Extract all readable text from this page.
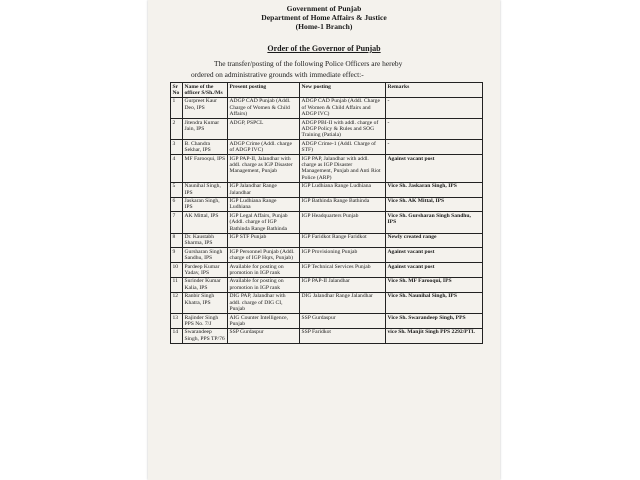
Government of Punjab
Department of Home Affairs & Justice
(Home-1 Branch)
Order of the Governor of Punjab
The transfer/posting of the following Police Officers are hereby
ordered on administrative grounds with immediate effect:-
Sr No	Name of the officer S/Sh./Ms	Present posting	New posting	Remarks
1	Gurpreet Kaur Deo, IPS	ADGP CAD Punjab (Addl. Charge of Women & Child Affairs)	ADGP CAD Punjab (Addl. Charge of Women & Child Affairs and ADGP IVC)	-
2	Jitendra Kumar Jain, IPS	ADGP, PSPCL	ADGP PBI-II with addl. charge of ADGP Policy & Rules and SOG Training (Patiala)	-
3	B. Chandra Sekhar, IPS	ADGP Crime (Addl. charge of ADGP IVC)	ADGP Crime-1 (Addl. Charge of STF)	-
4	MF Farooqui, IPS	IGP PAP-II, Jalandhar with addl. charge as IGP Disaster Management, Punjab	IGP PAP, Jalandhar with addl. charge as IGP Disaster Management, Punjab and Anti Riot Police (ARP)	Against vacant post
5	Naunihal Singh, IPS	IGP Jalandhar Range Jalandhar	IGP Ludhiana Range Ludhiana	Vice Sh. Jaskaran Singh, IPS
6	Jaskaran Singh, IPS	IGP Ludhiana Range Ludhiana	IGP Bathinda Range Bathinda	Vice Sh. AK Mittal, IPS
7	AK Mittal, IPS	IGP Legal Affairs, Punjab (Addl. charge of IGP Bathinda Range Bathinda	IGP Headquarters Punjab	Vice Sh. Gursharan Singh Sandhu, IPS
8	Dr. Kaustabh Sharma, IPS	IGP STF Punjab	IGP Faridkot Range Faridkot	Newly created range
9	Gursharan Singh Sandhu, IPS	IGP Personnel Punjab (Addl. charge of IGP Hqrs, Punjab)	IGP Provisioning Punjab	Against vacant post
10	Pardeep Kumar Yadav, IPS	Available for posting on promotion in IGP rank	IGP Technical Services Punjab	Against vacant post
11	Surinder Kumar Kalia, IPS	Available for posting on promotion in IGP rank	IGP PAP-II Jalandhar	Vice Sh. MF Farooqui, IPS
12	Ranbir Singh Khatra, IPS	DIG PAP, Jalandhar with addl. charge of DIG CI, Punjab	DIG Jalandhar Range Jalandhar	Vice Sh. Naunihal Singh, IPS
13	Rajinder Singh PPS No. 7/J	AIG Counter Intelligence, Punjab	SSP Gurdaspur	Vice Sh. Swarandeep Singh, PPS
14	Swarandeep Singh, PPS TP/76	SSP Gurdaspur	SSP Faridkot	vice Sh. Manjit Singh PPS 2292/PTL
